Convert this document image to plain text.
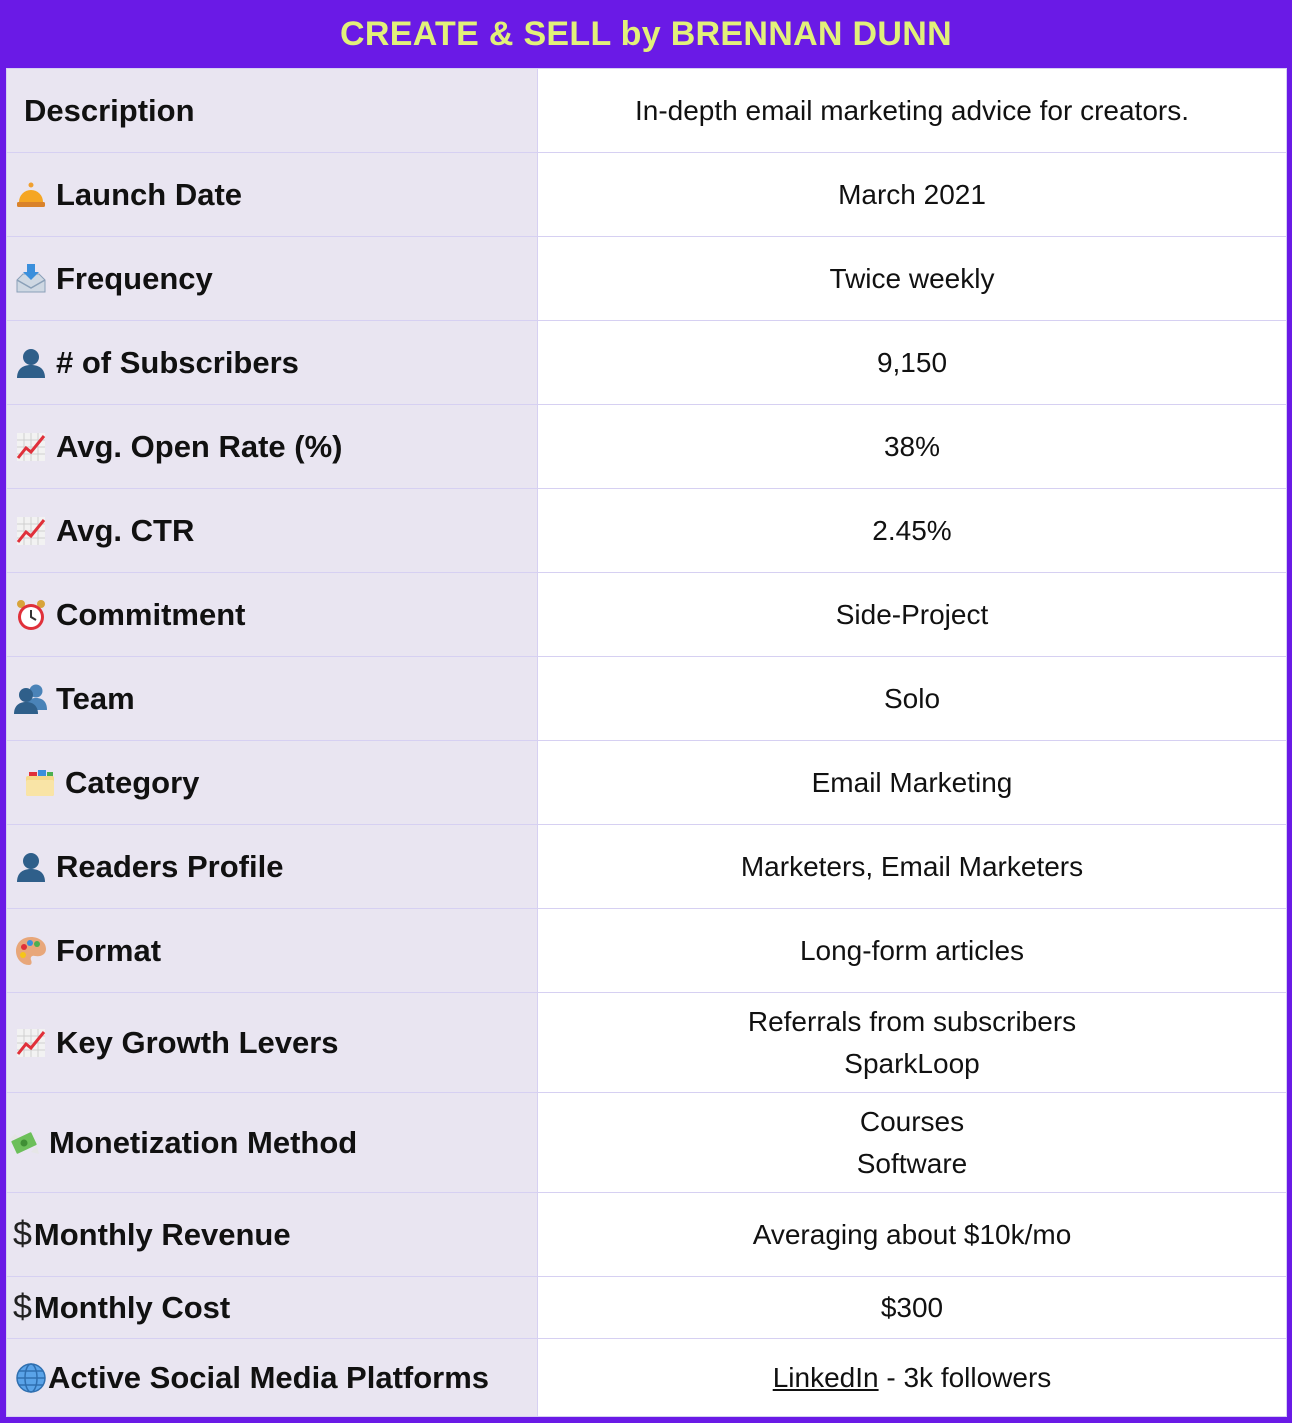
CREATE & SELL by BRENNAN DUNN
Description	In-depth email marketing advice for creators.

Launch Date	March 2021

Frequency	Twice weekly

# of Subscribers	9,150

Avg. Open Rate (%)	38%

Avg. CTR	2.45%

Commitment	Side-Project

Team	Solo

Category	Email Marketing

Readers Profile	Marketers, Email Marketers

Format	Long-form articles

Key Growth Levers	Referrals from subscribers
SparkLoop

Monetization Method	Courses
Software

$ Monthly Revenue	Averaging about $10k/mo

$ Monthly Cost	$300

Active Social Media Platforms	LinkedIn - 3k followers
